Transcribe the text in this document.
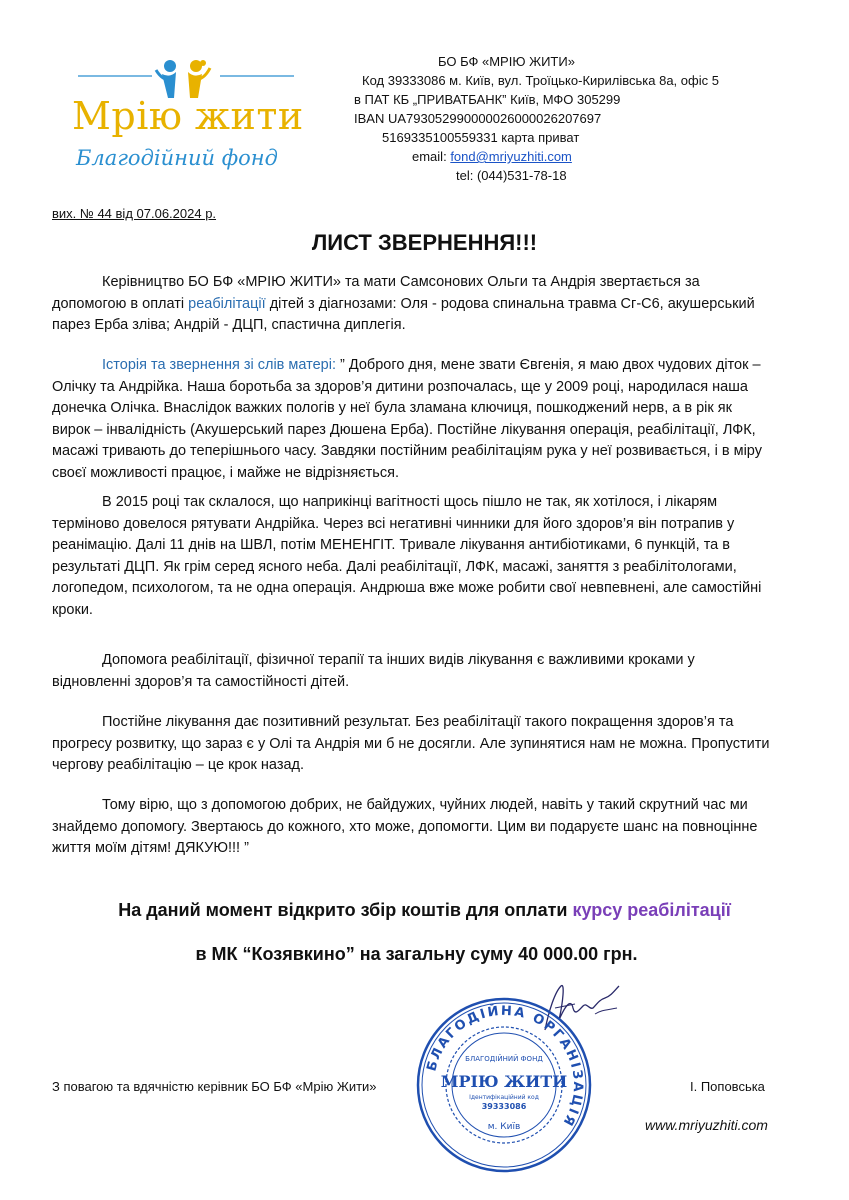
Мрію жити
Благодійний фонд
БО БФ «МРІЮ ЖИТИ»
Код 39333086 м. Київ, вул. Троїцько-Кирилівська 8а, офіс 5
в ПАТ КБ „ПРИВАТБАНК” Київ, МФО 305299
IBAN UA793052990000026000026207697
5169335100559331 карта приват
email: fond@mriyuzhiti.com
tel: (044)531-78-18
вих. № 44 від 07.06.2024 р.
ЛИСТ ЗВЕРНЕННЯ!!!

Керівництво БО БФ «МРІЮ ЖИТИ» та мати Самсонових Ольги та Андрія звертається за допомогою в оплаті реабілітації дітей з діагнозами: Оля - родова спинальна травма Сг-С6, акушерський парез Ерба зліва; Андрій - ДЦП, спастична диплегія.

Історія та звернення зі слів матері: ” Доброго дня, мене звати Євгенія, я маю двох чудових діток – Олічку та Андрійка. Наша боротьба за здоров’я дитини розпочалась, ще у 2009 році, народилася наша донечка Олічка. Внаслідок важких пологів у неї була зламана ключиця, пошкоджений нерв, а в рік як вирок – інвалідність (Акушерський парез Дюшена Ерба). Постійне лікування операція, реабілітації, ЛФК, масажі тривають до теперішнього часу. Завдяки постійним реабілітаціям рука у неї розвивається, і в міру своєї можливості працює, і майже не відрізняється.

В 2015 році так склалося, що наприкінці вагітності щось пішло не так, як хотілося, і лікарям терміново довелося рятувати Андрійка. Через всі негативні чинники для його здоров’я він потрапив у реанімацію. Далі 11 днів на ШВЛ, потім МЕНЕНГІТ. Тривале лікування антибіотиками, 6 пункцій, та в результаті ДЦП. Як грім серед ясного неба. Далі реабілітації, ЛФК, масажі, заняття з реабілітологами, логопедом, психологом, та не одна операція. Андрюша вже може робити свої невпевнені, але самостійні кроки.

Допомога реабілітації, фізичної терапії та інших видів лікування є важливими кроками у відновленні здоров’я та самостійності дітей.

Постійне лікування дає позитивний результат. Без реабілітації такого покращення здоров’я та прогресу розвитку, що зараз є у Олі та Андрія ми б не досягли. Але зупинятися нам не можна. Пропустити чергову реабілітацію – це крок назад.

Тому вірю, що з допомогою добрих, не байдужих, чуйних людей, навіть у такий скрутний час ми знайдемо допомогу. Звертаюсь до кожного, хто може, допомогти. Цим ви подаруєте шанс на повноцінне життя моїм дітям! ДЯКУЮ!!! ”

На даний момент відкрито збір коштів для оплати курсу реабілітації
в МК “Козявкино” на загальну суму 40 000.00 грн.
БЛАГОДІЙНА ОРГАНІЗАЦІЯ
БЛАГОДІЙНИЙ ФОНД
МРІЮ ЖИТИ
Ідентифікаційний код
39333086
м. Київ
З повагою та вдячністю керівник БО БФ «Мрію Жити»	І. Поповська
www.mriyuzhiti.com
